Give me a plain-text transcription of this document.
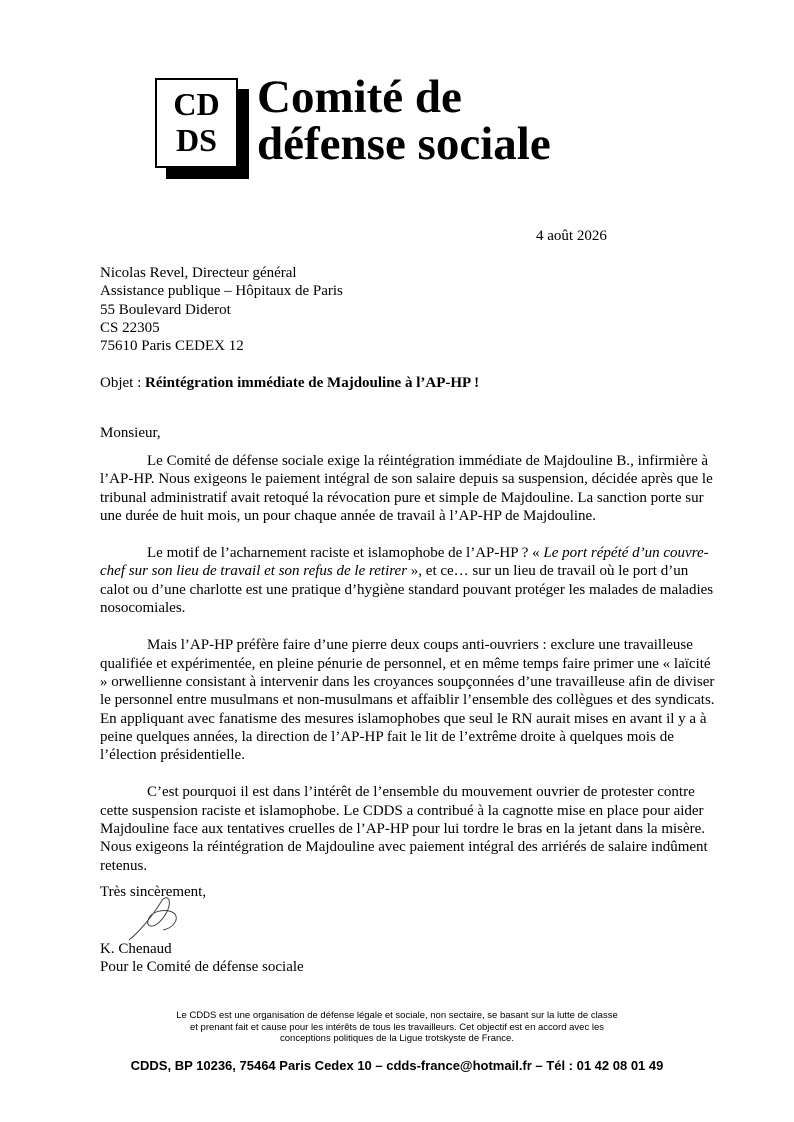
CD
DS
Comité de
défense sociale
4 août 2026
Nicolas Revel, Directeur général
Assistance publique – Hôpitaux de Paris
55 Boulevard Diderot
CS 22305
75610 Paris CEDEX 12
Objet : Réintégration immédiate de Majdouline à l’AP-HP !
Monsieur,

Le Comité de défense sociale exige la réintégration immédiate de Majdouline B., infirmière à l’AP-HP. Nous exigeons le paiement intégral de son salaire depuis sa suspension, décidée après que le tribunal administratif avait retoqué la révocation pure et simple de Majdouline. La sanction porte sur une durée de huit mois, un pour chaque année de travail à l’AP-HP de Majdouline.

Le motif de l’acharnement raciste et islamophobe de l’AP-HP ? « Le port répété d’un couvre-chef sur son lieu de travail et son refus de le retirer », et ce… sur un lieu de travail où le port d’un calot ou d’une charlotte est une pratique d’hygiène standard pouvant protéger les malades de maladies nosocomiales.

Mais l’AP-HP préfère faire d’une pierre deux coups anti-ouvriers : exclure une travailleuse qualifiée et expérimentée, en pleine pénurie de personnel, et en même temps faire primer une « laïcité » orwellienne consistant à intervenir dans les croyances soupçonnées d’une travailleuse afin de diviser le personnel entre musulmans et non-musulmans et affaiblir l’ensemble des collègues et des syndicats. En appliquant avec fanatisme des mesures islamophobes que seul le RN aurait mises en avant il y a à peine quelques années, la direction de l’AP-HP fait le lit de l’extrême droite à quelques mois de l’élection présidentielle.

C’est pourquoi il est dans l’intérêt de l’ensemble du mouvement ouvrier de protester contre cette suspension raciste et islamophobe. Le CDDS a contribué à la cagnotte mise en place pour aider Majdouline face aux tentatives cruelles de l’AP-HP pour lui tordre le bras en la jetant dans la misère. Nous exigeons la réintégration de Majdouline avec paiement intégral des arriérés de salaire indûment retenus.

Très sincèrement,
K. Chenaud
Pour le Comité de défense sociale
Le CDDS est une organisation de défense légale et sociale, non sectaire, se basant sur la lutte de classe
et prenant fait et cause pour les intérêts de tous les travailleurs. Cet objectif est en accord avec les
conceptions politiques de la Ligue trotskyste de France.
CDDS, BP 10236, 75464 Paris Cedex 10 – cdds-france@hotmail.fr – Tél : 01 42 08 01 49
